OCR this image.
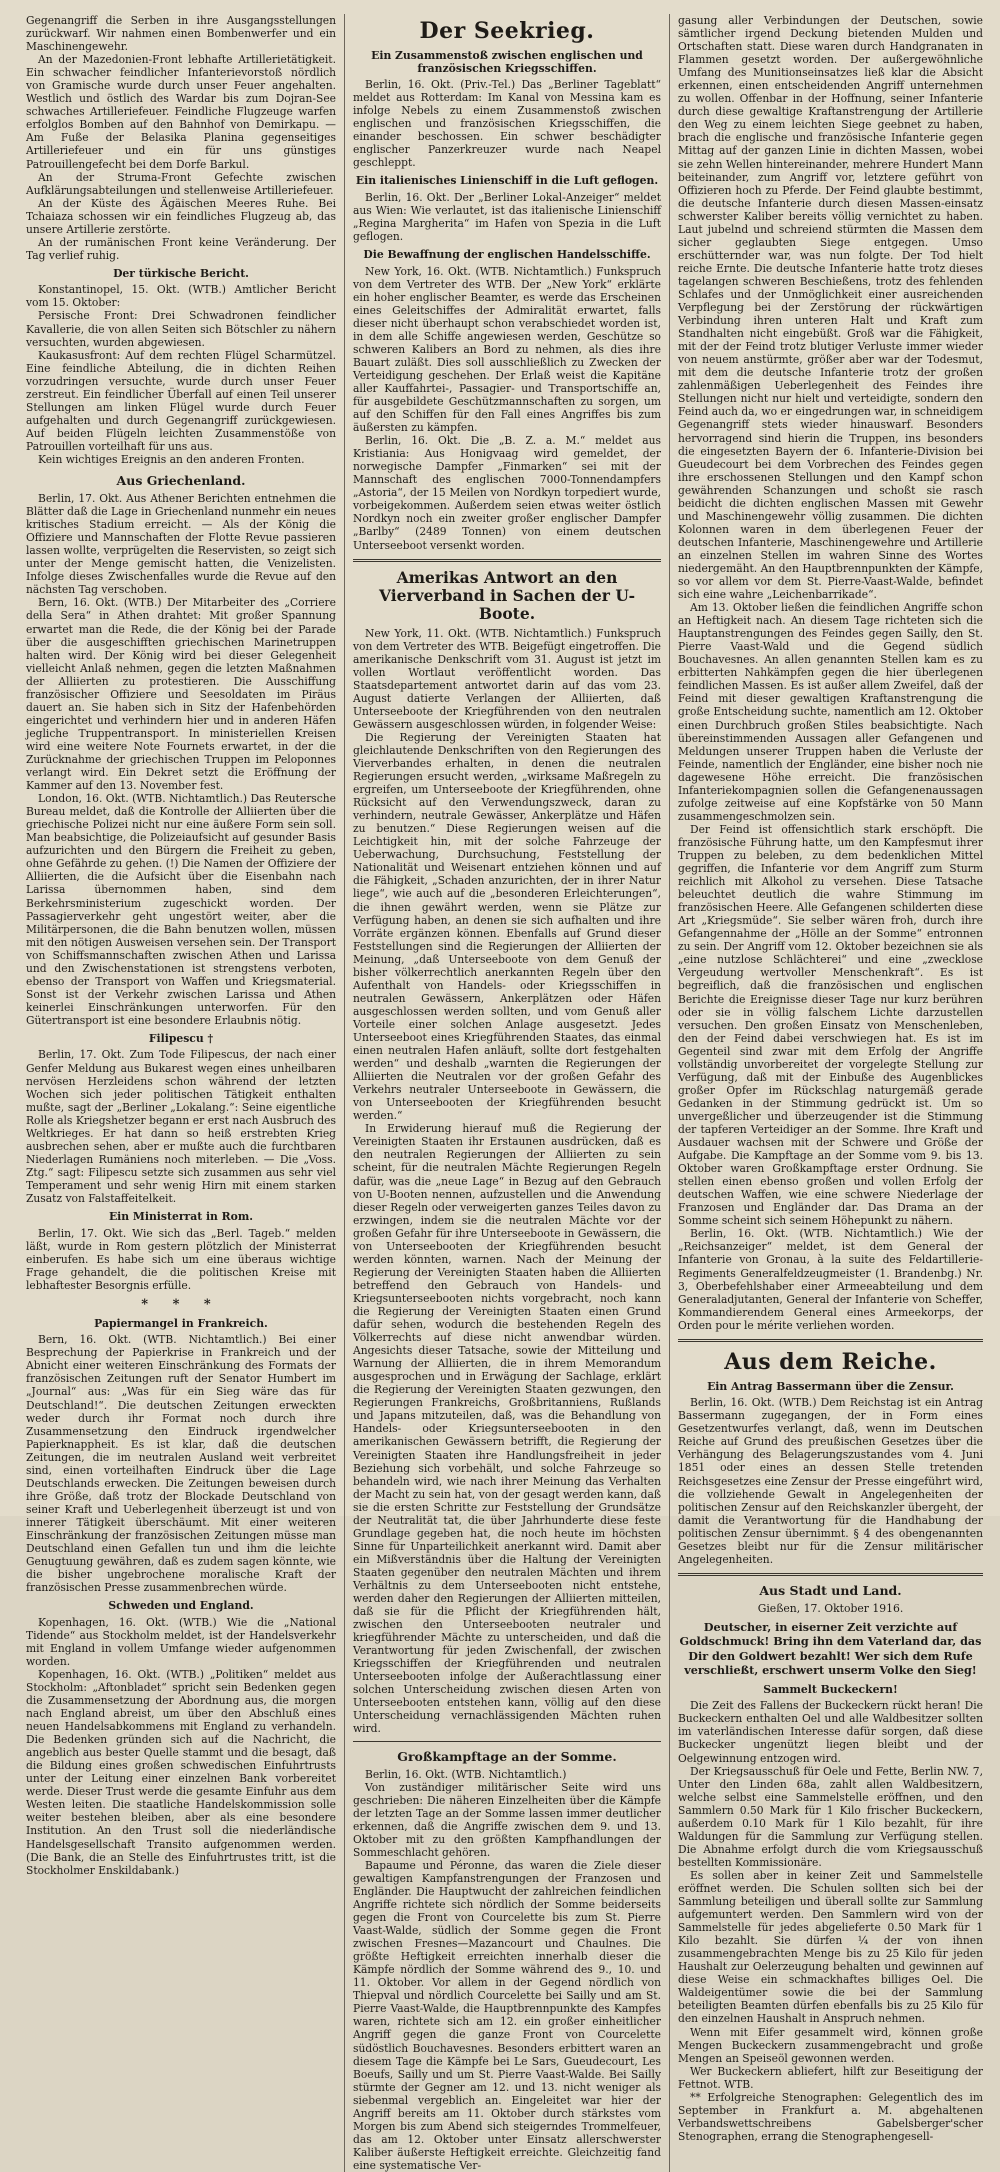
Gegenangriff die Serben in ihre Ausgangsstellungen zurückwarf. Wir nahmen einen Bombenwerfer und ein Maschinengewehr.

An der Mazedonien-Front lebhafte Artillerietätigkeit. Ein schwacher feindlicher Infanterievorstoß nördlich von Gramische wurde durch unser Feuer angehalten. Westlich und östlich des Wardar bis zum Dojran-See schwaches Artilleriefeuer. Feindliche Flugzeuge warfen erfolglos Bomben auf den Bahnhof von Demirkapu. — Am Fuße der Belasika Planina gegenseitiges Artilleriefeuer und ein für uns günstiges Patrouillengefecht bei dem Dorfe Barkul.

An der Struma-Front Gefechte zwischen Aufklärungsabteilungen und stellenweise Artilleriefeuer.

An der Küste des Ägäischen Meeres Ruhe. Bei Tchaiaza schossen wir ein feindliches Flugzeug ab, das unsere Artillerie zerstörte.

An der rumänischen Front keine Veränderung. Der Tag verlief ruhig.

Der türkische Bericht.

Konstantinopel, 15. Okt. (WTB.) Amtlicher Bericht vom 15. Oktober:

Persische Front: Drei Schwadronen feindlicher Kavallerie, die von allen Seiten sich Bötschler zu nähern versuchten, wurden abgewiesen.

Kaukasusfront: Auf dem rechten Flügel Scharmützel. Eine feindliche Abteilung, die in dichten Reihen vorzudringen versuchte, wurde durch unser Feuer zerstreut. Ein feindlicher Überfall auf einen Teil unserer Stellungen am linken Flügel wurde durch Feuer aufgehalten und durch Gegenangriff zurückgewiesen. Auf beiden Flügeln leichten Zusammenstöße von Patrouillen vorteilhaft für uns aus.

Kein wichtiges Ereignis an den anderen Fronten.

Aus Griechenland.

Berlin, 17. Okt. Aus Athener Berichten entnehmen die Blätter daß die Lage in Griechenland nunmehr ein neues kritisches Stadium erreicht. — Als der König die Offiziere und Mannschaften der Flotte Revue passieren lassen wollte, verprügelten die Reservisten, so zeigt sich unter der Menge gemischt hatten, die Venizelisten. Infolge dieses Zwischenfalles wurde die Revue auf den nächsten Tag verschoben.

Bern, 16. Okt. (WTB.) Der Mitarbeiter des „Corriere della Sera“ in Athen drahtet: Mit großer Spannung erwartet man die Rede, die der König bei der Parade über die ausgeschifften griechischen Marinetruppen halten wird. Der König wird bei dieser Gelegenheit vielleicht Anlaß nehmen, gegen die letzten Maßnahmen der Alliierten zu protestieren. Die Ausschiffung französischer Offiziere und Seesoldaten im Piräus dauert an. Sie haben sich in Sitz der Hafenbehörden eingerichtet und verhindern hier und in anderen Häfen jegliche Truppentransport. In ministeriellen Kreisen wird eine weitere Note Fournets erwartet, in der die Zurücknahme der griechischen Truppen im Peloponnes verlangt wird. Ein Dekret setzt die Eröffnung der Kammer auf den 13. November fest.

London, 16. Okt. (WTB. Nichtamtlich.) Das Reutersche Bureau meldet, daß die Kontrolle der Alliierten über die griechische Polizei nicht nur eine äußere Form sein soll. Man beabsichtige, die Polizeiaufsicht auf gesunder Basis aufzurichten und den Bürgern die Freiheit zu geben, ohne Gefährde zu gehen. (!) Die Namen der Offiziere der Alliierten, die die Aufsicht über die Eisenbahn nach Larissa übernommen haben, sind dem Berkehrsministerium zugeschickt worden. Der Passagierverkehr geht ungestört weiter, aber die Militärpersonen, die die Bahn benutzen wollen, müssen mit den nötigen Ausweisen versehen sein. Der Transport von Schiffsmannschaften zwischen Athen und Larissa und den Zwischenstationen ist strengstens verboten, ebenso der Transport von Waffen und Kriegsmaterial. Sonst ist der Verkehr zwischen Larissa und Athen keinerlei Einschränkungen unterworfen. Für den Gütertransport ist eine besondere Erlaubnis nötig.

Filipescu †

Berlin, 17. Okt. Zum Tode Filipescus, der nach einer Genfer Meldung aus Bukarest wegen eines unheilbaren nervösen Herzleidens schon während der letzten Wochen sich jeder politischen Tätigkeit enthalten mußte, sagt der „Berliner „Lokalang.“: Seine eigentliche Rolle als Kriegshetzer begann er erst nach Ausbruch des Weltkrieges. Er hat dann so heiß erstrebten Krieg ausbrechen sehen, aber er mußte auch die furchtbaren Niederlagen Rumäniens noch miterleben. — Die „Voss. Ztg.“ sagt: Filipescu setzte sich zusammen aus sehr viel Temperament und sehr wenig Hirn mit einem starken Zusatz von Falstaffeitelkeit.

Ein Ministerrat in Rom.

Berlin, 17. Okt. Wie sich das „Berl. Tageb.“ melden läßt, wurde in Rom gestern plötzlich der Ministerrat einberufen. Es habe sich um eine überaus wichtige Frage gehandelt, die die politischen Kreise mit lebhaftester Besorgnis erfülle.

* * *
Papiermangel in Frankreich.

Bern, 16. Okt. (WTB. Nichtamtlich.) Bei einer Besprechung der Papierkrise in Frankreich und der Abnicht einer weiteren Einschränkung des Formats der französischen Zeitungen ruft der Senator Humbert im „Journal“ aus: „Was für ein Sieg wäre das für Deutschland!“. Die deutschen Zeitungen erweckten weder durch ihr Format noch durch ihre Zusammensetzung den Eindruck irgendwelcher Papierknappheit. Es ist klar, daß die deutschen Zeitungen, die im neutralen Ausland weit verbreitet sind, einen vorteilhaften Eindruck über die Lage Deutschlands erwecken. Die Zeitungen beweisen durch ihre Größe, daß trotz der Blockade Deutschland von seiner Kraft und Ueberlegenheit überzeugt ist und von innerer Tätigkeit überschäumt. Mit einer weiteren Einschränkung der französischen Zeitungen müsse man Deutschland einen Gefallen tun und ihm die leichte Genugtuung gewähren, daß es zudem sagen könnte, wie die bisher ungebrochene moralische Kraft der französischen Presse zusammenbrechen würde.

Schweden und England.

Kopenhagen, 16. Okt. (WTB.) Wie die „National Tidende“ aus Stockholm meldet, ist der Handelsverkehr mit England in vollem Umfange wieder aufgenommen worden.

Kopenhagen, 16. Okt. (WTB.) „Politiken“ meldet aus Stockholm: „Aftonbladet“ spricht sein Bedenken gegen die Zusammensetzung der Abordnung aus, die morgen nach England abreist, um über den Abschluß eines neuen Handelsabkommens mit England zu verhandeln. Die Bedenken gründen sich auf die Nachricht, die angeblich aus bester Quelle stammt und die besagt, daß die Bildung eines großen schwedischen Einfuhrtrusts unter der Leitung einer einzelnen Bank vorbereitet werde. Dieser Trust werde die gesamte Einfuhr aus dem Westen leiten. Die staatliche Handelskommission solle weiter bestehen bleiben, aber als eine besondere Institution. An den Trust soll die niederländische Handelsgesellschaft Transito aufgenommen werden. (Die Bank, die an Stelle des Einfuhrtrustes tritt, ist die Stockholmer Enskildabank.)

Der Seekrieg.
Ein Zusammenstoß zwischen englischen und französischen Kriegsschiffen.

Berlin, 16. Okt. (Priv.-Tel.) Das „Berliner Tageblatt“ meldet aus Rotterdam: Im Kanal von Messina kam es infolge Nebels zu einem Zusammenstoß zwischen englischen und französischen Kriegsschiffen, die einander beschossen. Ein schwer beschädigter englischer Panzerkreuzer wurde nach Neapel geschleppt.

Ein italienisches Linienschiff in die Luft geflogen.

Berlin, 16. Okt. Der „Berliner Lokal-Anzeiger“ meldet aus Wien: Wie verlautet, ist das italienische Linienschiff „Regina Margherita“ im Hafen von Spezia in die Luft geflogen.

Die Bewaffnung der englischen Handelsschiffe.

New York, 16. Okt. (WTB. Nichtamtlich.) Funkspruch von dem Vertreter des WTB. Der „New York“ erklärte ein hoher englischer Beamter, es werde das Erscheinen eines Geleitschiffes der Admiralität erwartet, falls dieser nicht überhaupt schon verabschiedet worden ist, in dem alle Schiffe angewiesen werden, Geschütze so schweren Kalibers an Bord zu nehmen, als dies ihre Bauart zuläßt. Dies soll ausschließlich zu Zwecken der Verteidigung geschehen. Der Erlaß weist die Kapitäne aller Kauffahrtei-, Passagier- und Transportschiffe an, für ausgebildete Geschützmannschaften zu sorgen, um auf den Schiffen für den Fall eines Angriffes bis zum äußersten zu kämpfen.

Berlin, 16. Okt. Die „B. Z. a. M.“ meldet aus Kristiania: Aus Honigvaag wird gemeldet, der norwegische Dampfer „Finmarken“ sei mit der Mannschaft des englischen 7000-Tonnendampfers „Astoria“, der 15 Meilen von Nordkyn torpediert wurde, vorbeigekommen. Außerdem seien etwas weiter östlich Nordkyn noch ein zweiter großer englischer Dampfer „Barlby“ (2489 Tonnen) von einem deutschen Unterseeboot versenkt worden.

Amerikas Antwort an den Vierverband in Sachen der U-Boote.

New York, 11. Okt. (WTB. Nichtamtlich.) Funkspruch von dem Vertreter des WTB. Beigefügt eingetroffen. Die amerikanische Denkschrift vom 31. August ist jetzt im vollen Wortlaut veröffentlicht worden. Das Staatsdepartement antwortet darin auf das vom 23. August datierte Verlangen der Alliierten, daß Unterseeboote der Kriegführenden von den neutralen Gewässern ausgeschlossen würden, in folgender Weise:

Die Regierung der Vereinigten Staaten hat gleichlautende Denkschriften von den Regierungen des Vierverbandes erhalten, in denen die neutralen Regierungen ersucht werden, „wirksame Maßregeln zu ergreifen, um Unterseeboote der Kriegführenden, ohne Rücksicht auf den Verwendungszweck, daran zu verhindern, neutrale Gewässer, Ankerplätze und Häfen zu benutzen.“ Diese Regierungen weisen auf die Leichtigkeit hin, mit der solche Fahrzeuge der Ueberwachung, Durchsuchung, Feststellung der Nationalität und Weisenart entziehen können und auf die Fähigkeit, „Schaden anzurichten, der in ihrer Natur liege“, wie auch auf die „besonderen Erleichterungen“, die ihnen gewährt werden, wenn sie Plätze zur Verfügung haben, an denen sie sich aufhalten und ihre Vorräte ergänzen können. Ebenfalls auf Grund dieser Feststellungen sind die Regierungen der Alliierten der Meinung, „daß Unterseeboote von dem Genuß der bisher völkerrechtlich anerkannten Regeln über den Aufenthalt von Handels- oder Kriegsschiffen in neutralen Gewässern, Ankerplätzen oder Häfen ausgeschlossen werden sollten, und vom Genuß aller Vorteile einer solchen Anlage ausgesetzt. Jedes Unterseeboot eines Kriegführenden Staates, das einmal einen neutralen Hafen anläuft, sollte dort festgehalten werden“ und deshalb „warnten die Regierungen der Alliierten die Neutralen vor der großen Gefahr des Verkehrs neutraler Unterseeboote in Gewässern, die von Unterseebooten der Kriegführenden besucht werden.“

In Erwiderung hierauf muß die Regierung der Vereinigten Staaten ihr Erstaunen ausdrücken, daß es den neutralen Regierungen der Alliierten zu sein scheint, für die neutralen Mächte Regierungen Regeln dafür, was die „neue Lage“ in Bezug auf den Gebrauch von U-Booten nennen, aufzustellen und die Anwendung dieser Regeln oder verweigerten ganzes Teiles davon zu erzwingen, indem sie die neutralen Mächte vor der großen Gefahr für ihre Unterseeboote in Gewässern, die von Unterseebooten der Kriegführenden besucht werden könnten, warnen. Nach der Meinung der Regierung der Vereinigten Staaten haben die Alliierten betreffend den Gebrauch von Handels- und Kriegsunterseebooten nichts vorgebracht, noch kann die Regierung der Vereinigten Staaten einen Grund dafür sehen, wodurch die bestehenden Regeln des Völkerrechts auf diese nicht anwendbar würden. Angesichts dieser Tatsache, sowie der Mitteilung und Warnung der Alliierten, die in ihrem Memorandum ausgesprochen und in Erwägung der Sachlage, erklärt die Regierung der Vereinigten Staaten gezwungen, den Regierungen Frankreichs, Großbritanniens, Rußlands und Japans mitzuteilen, daß, was die Behandlung von Handels- oder Kriegsunterseebooten in den amerikanischen Gewässern betrifft, die Regierung der Vereinigten Staaten ihre Handlungsfreiheit in jeder Beziehung sich vorbehält, und solche Fahrzeuge so behandeln wird, wie nach ihrer Meinung das Verhalten der Macht zu sein hat, von der gesagt werden kann, daß sie die ersten Schritte zur Feststellung der Grundsätze der Neutralität tat, die über Jahrhunderte diese feste Grundlage gegeben hat, die noch heute im höchsten Sinne für Unparteilichkeit anerkannt wird. Damit aber ein Mißverständnis über die Haltung der Vereinigten Staaten gegenüber den neutralen Mächten und ihrem Verhältnis zu dem Unterseebooten nicht entstehe, werden daher den Regierungen der Alliierten mitteilen, daß sie für die Pflicht der Kriegführenden hält, zwischen den Unterseebooten neutraler und kriegführender Mächte zu unterscheiden, und daß die Verantwortung für jeden Zwischenfall, der zwischen Kriegsschiffen der Kriegführenden und neutralen Unterseebooten infolge der Außerachtlassung einer solchen Unterscheidung zwischen diesen Arten von Unterseebooten entstehen kann, völlig auf den diese Unterscheidung vernachlässigenden Mächten ruhen wird.

Großkampftage an der Somme.

Berlin, 16. Okt. (WTB. Nichtamtlich.)

Von zuständiger militärischer Seite wird uns geschrieben: Die näheren Einzelheiten über die Kämpfe der letzten Tage an der Somme lassen immer deutlicher erkennen, daß die Angriffe zwischen dem 9. und 13. Oktober mit zu den größten Kampfhandlungen der Sommeschlacht gehören.

Bapaume und Péronne, das waren die Ziele dieser gewaltigen Kampfanstrengungen der Franzosen und Engländer. Die Hauptwucht der zahlreichen feindlichen Angriffe richtete sich nördlich der Somme beiderseits gegen die Front von Courcelette bis zum St. Pierre Vaast-Walde, südlich der Somme gegen die Front zwischen Fresnes—Mazancourt und Chaulnes. Die größte Heftigkeit erreichten innerhalb dieser die Kämpfe nördlich der Somme während des 9., 10. und 11. Oktober. Vor allem in der Gegend nördlich von Thiepval und nördlich Courcelette bei Sailly und am St. Pierre Vaast-Walde, die Hauptbrennpunkte des Kampfes waren, richtete sich am 12. ein großer einheitlicher Angriff gegen die ganze Front von Courcelette südöstlich Bouchavesnes. Besonders erbittert waren an diesem Tage die Kämpfe bei Le Sars, Gueudecourt, Les Boeufs, Sailly und um St. Pierre Vaast-Walde. Bei Sailly stürmte der Gegner am 12. und 13. nicht weniger als siebenmal vergeblich an. Eingeleitet war hier der Angriff bereits am 11. Oktober durch stärkstes vom Morgen bis zum Abend sich steigerndes Trommelfeuer, das am 12. Oktober unter Einsatz allerschwerster Kaliber äußerste Heftigkeit erreichte. Gleichzeitig fand eine systematische Ver-

gasung aller Verbindungen der Deutschen, sowie sämtlicher irgend Deckung bietenden Mulden und Ortschaften statt. Diese waren durch Handgranaten in Flammen gesetzt worden. Der außergewöhnliche Umfang des Munitionseinsatzes ließ klar die Absicht erkennen, einen entscheidenden Angriff unternehmen zu wollen. Offenbar in der Hoffnung, seiner Infanterie durch diese gewaltige Kraftanstrengung der Artillerie den Weg zu einem leichten Siege geebnet zu haben, brach die englische und französische Infanterie gegen Mittag auf der ganzen Linie in dichten Massen, wobei sie zehn Wellen hintereinander, mehrere Hundert Mann beiteinander, zum Angriff vor, letztere geführt von Offizieren hoch zu Pferde. Der Feind glaubte bestimmt, die deutsche Infanterie durch diesen Massen-einsatz schwerster Kaliber bereits völlig vernichtet zu haben. Laut jubelnd und schreiend stürmten die Massen dem sicher geglaubten Siege entgegen. Umso erschütternder war, was nun folgte. Der Tod hielt reiche Ernte. Die deutsche Infanterie hatte trotz dieses tagelangen schweren Beschießens, trotz des fehlenden Schlafes und der Unmöglichkeit einer ausreichenden Verpflegung bei der Zerstörung der rückwärtigen Verbindung ihren unteren Halt und Kraft zum Standhalten nicht eingebüßt. Groß war die Fähigkeit, mit der der Feind trotz blutiger Verluste immer wieder von neuem anstürmte, größer aber war der Todesmut, mit dem die deutsche Infanterie trotz der großen zahlenmäßigen Ueberlegenheit des Feindes ihre Stellungen nicht nur hielt und verteidigte, sondern den Feind auch da, wo er eingedrungen war, in schneidigem Gegenangriff stets wieder hinauswarf. Besonders hervorragend sind hierin die Truppen, ins besonders die eingesetzten Bayern der 6. Infanterie-Division bei Gueudecourt bei dem Vorbrechen des Feindes gegen ihre erschossenen Stellungen und den Kampf schon gewährenden Schanzungen und schoßt sie rasch beidicht die dichten englischen Massen mit Gewehr und Maschinengewehr völlig zusammen. Die dichten Kolonnen waren in dem überlegenen Feuer der deutschen Infanterie, Maschinengewehre und Artillerie an einzelnen Stellen im wahren Sinne des Wortes niedergemäht. An den Hauptbrennpunkten der Kämpfe, so vor allem vor dem St. Pierre-Vaast-Walde, befindet sich eine wahre „Leichenbarrikade“.

Am 13. Oktober ließen die feindlichen Angriffe schon an Heftigkeit nach. An diesem Tage richteten sich die Hauptanstrengungen des Feindes gegen Sailly, den St. Pierre Vaast-Wald und die Gegend südlich Bouchavesnes. An allen genannten Stellen kam es zu erbitterten Nahkämpfen gegen die hier überlegenen feindlichen Massen. Es ist außer allem Zweifel, daß der Feind mit dieser gewaltigen Kraftanstrengung die große Entscheidung suchte, namentlich am 12. Oktober einen Durchbruch großen Stiles beabsichtigte. Nach übereinstimmenden Aussagen aller Gefangenen und Meldungen unserer Truppen haben die Verluste der Feinde, namentlich der Engländer, eine bisher noch nie dagewesene Höhe erreicht. Die französischen Infanteriekompagnien sollen die Gefangenenaussagen zufolge zeitweise auf eine Kopfstärke von 50 Mann zusammengeschmolzen sein.

Der Feind ist offensichtlich stark erschöpft. Die französische Führung hatte, um den Kampfesmut ihrer Truppen zu beleben, zu dem bedenklichen Mittel gegriffen, die Infanterie vor dem Angriff zum Sturm reichlich mit Alkohol zu versehen. Diese Tatsache beleuchtet deutlich die wahre Stimmung im französischen Heere. Alle Gefangenen schilderten diese Art „Kriegsmüde“. Sie selber wären froh, durch ihre Gefangennahme der „Hölle an der Somme“ entronnen zu sein. Der Angriff vom 12. Oktober bezeichnen sie als „eine nutzlose Schlächterei“ und eine „zwecklose Vergeudung wertvoller Menschenkraft“. Es ist begreiflich, daß die französischen und englischen Berichte die Ereignisse dieser Tage nur kurz berühren oder sie in völlig falschem Lichte darzustellen versuchen. Den großen Einsatz von Menschenleben, den der Feind dabei verschwiegen hat. Es ist im Gegenteil sind zwar mit dem Erfolg der Angriffe vollständig unvorbereitet der vorgelegte Stellung zur Verfügung, daß mit der Einbuße des Augenblickes großer Opfer im Rückschlag naturgemäß gerade Gedanken in der Stimmung gedrückt ist. Um so unvergeßlicher und überzeugender ist die Stimmung der tapferen Verteidiger an der Somme. Ihre Kraft und Ausdauer wachsen mit der Schwere und Größe der Aufgabe. Die Kampftage an der Somme vom 9. bis 13. Oktober waren Großkampftage erster Ordnung. Sie stellen einen ebenso großen und vollen Erfolg der deutschen Waffen, wie eine schwere Niederlage der Franzosen und Engländer dar. Das Drama an der Somme scheint sich seinem Höhepunkt zu nähern.

Berlin, 16. Okt. (WTB. Nichtamtlich.) Wie der „Reichsanzeiger“ meldet, ist dem General der Infanterie von Gronau, à la suite des Feldartillerie-Regiments Generalfeldzeugmeister (1. Brandenbg.) Nr. 3, Oberbefehlshaber einer Armeeabteilung und dem Generaladjutanten, General der Infanterie von Scheffer, Kommandierendem General eines Armeekorps, der Orden pour le mérite verliehen worden.

Aus dem Reiche.
Ein Antrag Bassermann über die Zensur.

Berlin, 16. Okt. (WTB.) Dem Reichstag ist ein Antrag Bassermann zugegangen, der in Form eines Gesetzentwurfes verlangt, daß, wenn im Deutschen Reiche auf Grund des preußischen Gesetzes über die Verhängung des Belagerungszustandes vom 4. Juni 1851 oder eines an dessen Stelle tretenden Reichsgesetzes eine Zensur der Presse eingeführt wird, die vollziehende Gewalt in Angelegenheiten der politischen Zensur auf den Reichskanzler übergeht, der damit die Verantwortung für die Handhabung der politischen Zensur übernimmt. § 4 des obengenannten Gesetzes bleibt nur für die Zensur militärischer Angelegenheiten.

Aus Stadt und Land.
Gießen, 17. Oktober 1916.
Deutscher, in eiserner Zeit verzichte auf Goldschmuck! Bring ihn dem Vaterland dar, das Dir den Goldwert bezahlt! Wer sich dem Rufe verschließt, erschwert unserm Volke den Sieg!
Sammelt Buckeckern!

Die Zeit des Fallens der Buckeckern rückt heran! Die Buckeckern enthalten Oel und alle Waldbesitzer sollten im vaterländischen Interesse dafür sorgen, daß diese Buckecker ungenützt liegen bleibt und der Oelgewinnung entzogen wird.

Der Kriegsausschuß für Oele und Fette, Berlin NW. 7, Unter den Linden 68a, zahlt allen Waldbesitzern, welche selbst eine Sammelstelle eröffnen, und den Sammlern 0.50 Mark für 1 Kilo frischer Buckeckern, außerdem 0.10 Mark für 1 Kilo bezahlt, für ihre Waldungen für die Sammlung zur Verfügung stellen. Die Abnahme erfolgt durch die vom Kriegsausschuß bestellten Kommissionäre.

Es sollen aber in keiner Zeit und Sammelstelle eröffnet werden. Die Schulen sollten sich bei der Sammlung beteiligen und überall sollte zur Sammlung aufgemuntert werden. Den Sammlern wird von der Sammelstelle für jedes abgelieferte 0.50 Mark für 1 Kilo bezahlt. Sie dürfen ¼ der von ihnen zusammengebrachten Menge bis zu 25 Kilo für jeden Haushalt zur Oelerzeugung behalten und gewinnen auf diese Weise ein schmackhaftes billiges Oel. Die Waldeigentümer sowie die bei der Sammlung beteiligten Beamten dürfen ebenfalls bis zu 25 Kilo für den einzelnen Haushalt in Anspruch nehmen.

Wenn mit Eifer gesammelt wird, können große Mengen Buckeckern zusammengebracht und große Mengen an Speiseöl gewonnen werden.

Wer Buckeckern abliefert, hilft zur Beseitigung der Fettnot. WTB.

** Erfolgreiche Stenographen: Gelegentlich des im September in Frankfurt a. M. abgehaltenen Verbandswettschreibens Gabelsberger'scher Stenographen, errang die Stenographengesell-
